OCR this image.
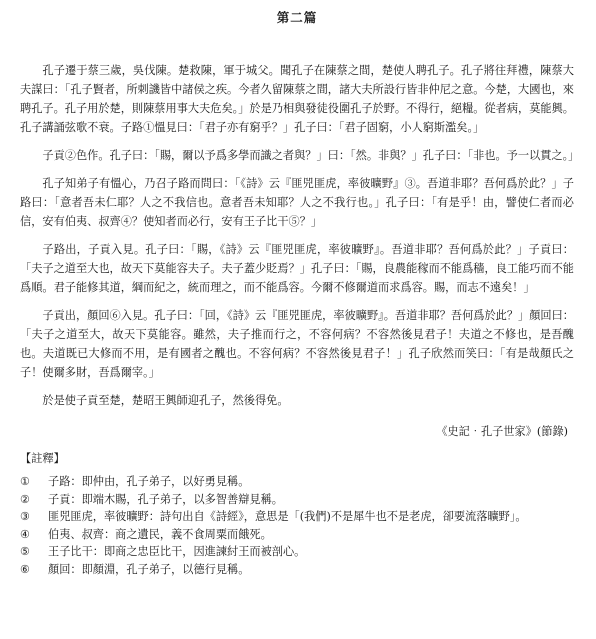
第二篇

孔子遷于蔡三歲，吳伐陳。楚救陳，軍于城父。聞孔子在陳蔡之間，楚使人聘孔子。孔子將往拜禮，陳蔡大夫謀曰：「孔子賢者，所刺譏皆中諸侯之疾。今者久留陳蔡之間，諸大夫所設行皆非仲尼之意。今楚，大國也，來聘孔子。孔子用於楚，則陳蔡用事大夫危矣。」於是乃相與發徒役圍孔子於野。不得行，絕糧。從者病，莫能興。孔子講誦弦歌不衰。子路①慍見曰：「君子亦有窮乎？」孔子曰：「君子固窮，小人窮斯濫矣。」

子貢②色作。孔子曰：「賜，爾以予爲多學而識之者與？」曰：「然。非與？」孔子曰：「非也。予一以貫之。」

孔子知弟子有慍心，乃召子路而問曰：「《詩》云『匪兕匪虎，率彼曠野』③。吾道非耶？吾何爲於此？」子路曰：「意者吾未仁耶？人之不我信也。意者吾未知耶？人之不我行也。」孔子曰：「有是乎！由，譬使仁者而必信，安有伯夷、叔齊④？使知者而必行，安有王子比干⑤？」

子路出，子貢入見。孔子曰：「賜，《詩》云『匪兕匪虎，率彼曠野』。吾道非耶？吾何爲於此？」子貢曰：「夫子之道至大也，故天下莫能容夫子。夫子蓋少貶焉？」孔子曰：「賜，良農能稼而不能爲穡，良工能巧而不能爲順。君子能修其道，綱而紀之，統而理之，而不能爲容。今爾不修爾道而求爲容。賜，而志不遠矣！」

子貢出，顏回⑥入見。孔子曰：「回，《詩》云『匪兕匪虎，率彼曠野』。吾道非耶？吾何爲於此？」顏回曰：「夫子之道至大，故天下莫能容。雖然，夫子推而行之，不容何病？不容然後見君子！夫道之不修也，是吾醜也。夫道既已大修而不用，是有國者之醜也。不容何病？不容然後見君子！」孔子欣然而笑曰：「有是哉顏氏之子！使爾多財，吾爲爾宰。」

於是使子貢至楚，楚昭王興師迎孔子，然後得免。

《史記‧孔子世家》(節錄)
【註釋】
①	子路：即仲由，孔子弟子，以好勇見稱。
②	子貢：即端木賜，孔子弟子，以多智善辯見稱。
③	匪兕匪虎，率彼曠野：詩句出自《詩經》，意思是「(我們)不是犀牛也不是老虎，卻要流落曠野」。
④	伯夷、叔齊：商之遺民，義不食周粟而餓死。
⑤	王子比干：即商之忠臣比干，因進諫紂王而被剖心。
⑥	顏回：即顏淵，孔子弟子，以德行見稱。
